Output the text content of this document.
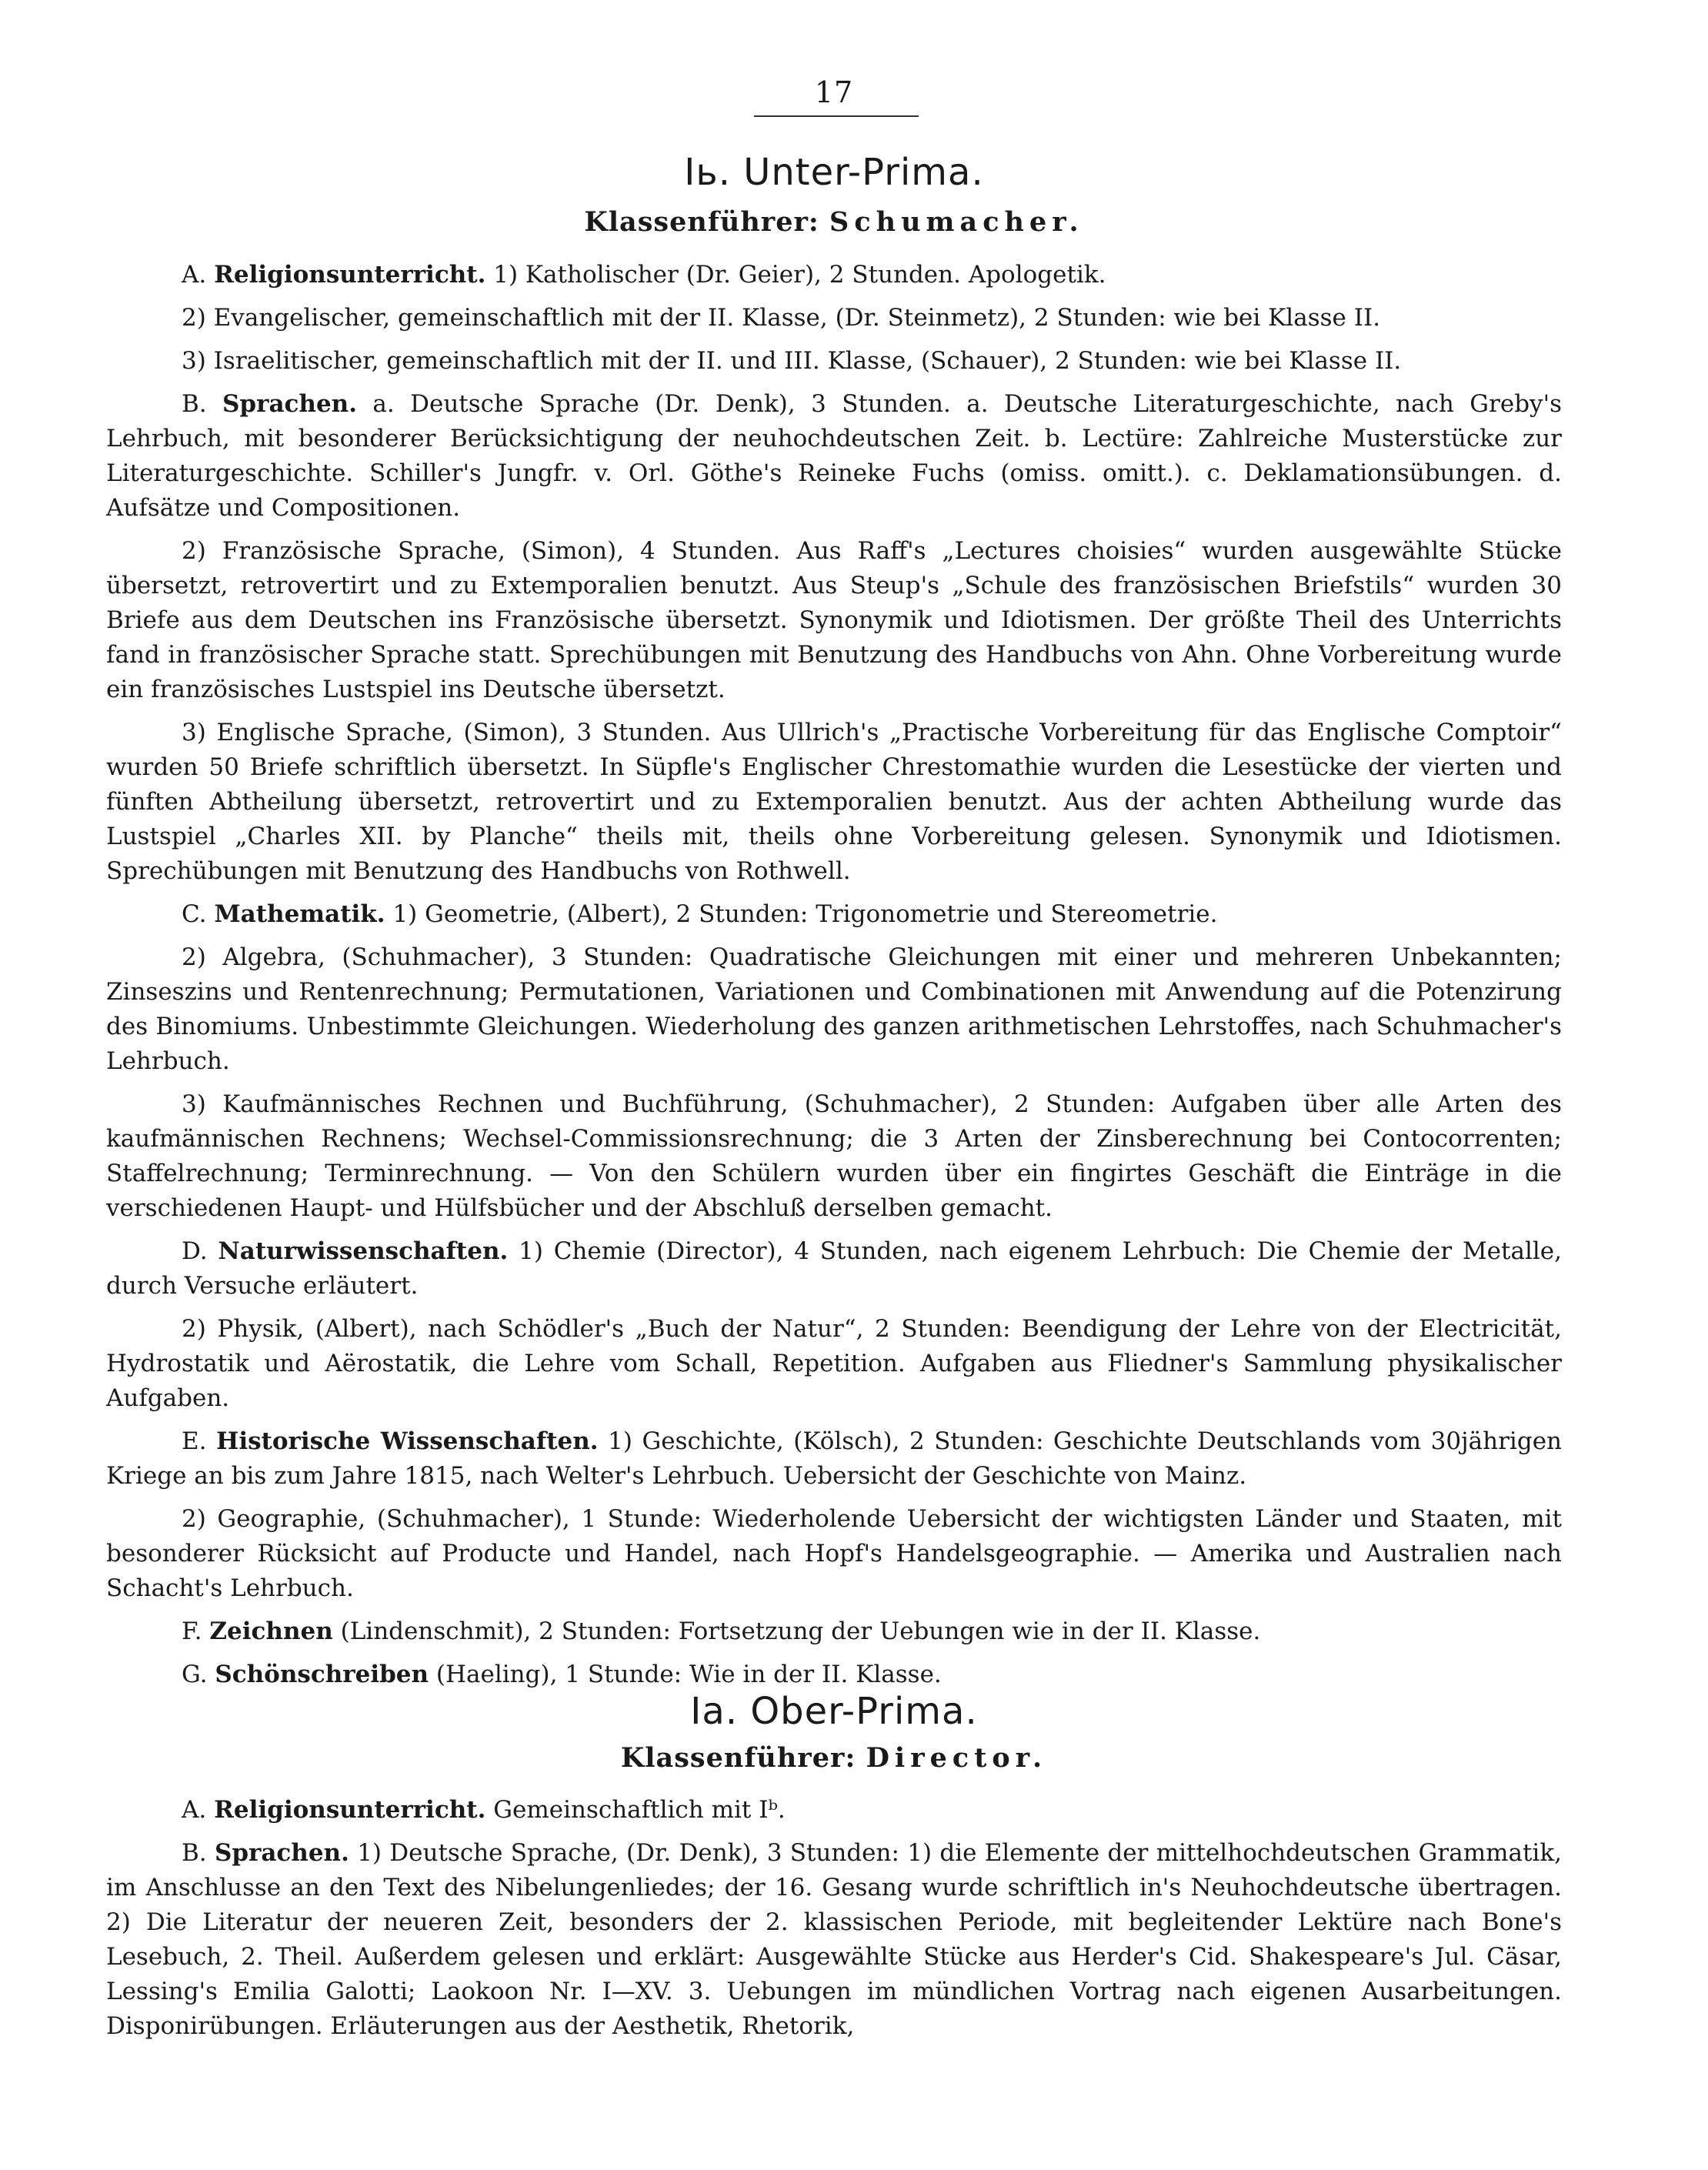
17
Iь. Unter-Prima.
Klassenführer: Schumacher.

A. Religionsunterricht. 1) Katholischer (Dr. Geier), 2 Stunden. Apologetik.

2) Evangelischer, gemeinschaftlich mit der II. Klasse, (Dr. Steinmetz), 2 Stunden: wie bei Klasse II.

3) Israelitischer, gemeinschaftlich mit der II. und III. Klasse, (Schauer), 2 Stunden: wie bei Klasse II.

B. Sprachen. a. Deutsche Sprache (Dr. Denk), 3 Stunden. a. Deutsche Literaturgeschichte, nach Greby's Lehrbuch, mit besonderer Berücksichtigung der neuhochdeutschen Zeit. b. Lectüre: Zahlreiche Musterstücke zur Literaturgeschichte. Schiller's Jungfr. v. Orl. Göthe's Reineke Fuchs (omiss. omitt.). c. Deklamationsübungen. d. Aufsätze und Compositionen.

2) Französische Sprache, (Simon), 4 Stunden. Aus Raff's „Lectures choisies“ wurden ausgewählte Stücke übersetzt, retrovertirt und zu Extemporalien benutzt. Aus Steup's „Schule des französischen Briefstils“ wurden 30 Briefe aus dem Deutschen ins Französische übersetzt. Synonymik und Idiotismen. Der größte Theil des Unterrichts fand in französischer Sprache statt. Sprechübungen mit Benutzung des Handbuchs von Ahn. Ohne Vorbereitung wurde ein französisches Lustspiel ins Deutsche übersetzt.

3) Englische Sprache, (Simon), 3 Stunden. Aus Ullrich's „Practische Vorbereitung für das Englische Comptoir“ wurden 50 Briefe schriftlich übersetzt. In Süpfle's Englischer Chrestomathie wurden die Lesestücke der vierten und fünften Abtheilung übersetzt, retrovertirt und zu Extemporalien benutzt. Aus der achten Abtheilung wurde das Lustspiel „Charles XII. by Planche“ theils mit, theils ohne Vorbereitung gelesen. Synonymik und Idiotismen. Sprechübungen mit Benutzung des Handbuchs von Rothwell.

C. Mathematik. 1) Geometrie, (Albert), 2 Stunden: Trigonometrie und Stereometrie.

2) Algebra, (Schuhmacher), 3 Stunden: Quadratische Gleichungen mit einer und mehreren Unbekannten; Zinseszins und Rentenrechnung; Permutationen, Variationen und Combinationen mit Anwendung auf die Potenzirung des Binomiums. Unbestimmte Gleichungen. Wiederholung des ganzen arithmetischen Lehrstoffes, nach Schuhmacher's Lehrbuch.

3) Kaufmännisches Rechnen und Buchführung, (Schuhmacher), 2 Stunden: Aufgaben über alle Arten des kaufmännischen Rechnens; Wechsel-Commissionsrechnung; die 3 Arten der Zinsberechnung bei Contocorrenten; Staffelrechnung; Terminrechnung. — Von den Schülern wurden über ein fingirtes Geschäft die Einträge in die verschiedenen Haupt- und Hülfsbücher und der Abschluß derselben gemacht.

D. Naturwissenschaften. 1) Chemie (Director), 4 Stunden, nach eigenem Lehrbuch: Die Chemie der Metalle, durch Versuche erläutert.

2) Physik, (Albert), nach Schödler's „Buch der Natur“, 2 Stunden: Beendigung der Lehre von der Electricität, Hydrostatik und Aërostatik, die Lehre vom Schall, Repetition. Aufgaben aus Fliedner's Sammlung physikalischer Aufgaben.

E. Historische Wissenschaften. 1) Geschichte, (Kölsch), 2 Stunden: Geschichte Deutschlands vom 30jährigen Kriege an bis zum Jahre 1815, nach Welter's Lehrbuch. Uebersicht der Geschichte von Mainz.

2) Geographie, (Schuhmacher), 1 Stunde: Wiederholende Uebersicht der wichtigsten Länder und Staaten, mit besonderer Rücksicht auf Producte und Handel, nach Hopf's Handelsgeographie. — Amerika und Australien nach Schacht's Lehrbuch.

F. Zeichnen (Lindenschmit), 2 Stunden: Fortsetzung der Uebungen wie in der II. Klasse.

G. Schönschreiben (Haeling), 1 Stunde: Wie in der II. Klasse.

Ia. Ober-Prima.
Klassenführer: Director.

A. Religionsunterricht. Gemeinschaftlich mit Iᵇ.

B. Sprachen. 1) Deutsche Sprache, (Dr. Denk), 3 Stunden: 1) die Elemente der mittelhochdeutschen Grammatik, im Anschlusse an den Text des Nibelungenliedes; der 16. Gesang wurde schriftlich in's Neuhochdeutsche übertragen. 2) Die Literatur der neueren Zeit, besonders der 2. klassischen Periode, mit begleitender Lektüre nach Bone's Lesebuch, 2. Theil. Außerdem gelesen und erklärt: Ausgewählte Stücke aus Herder's Cid. Shakespeare's Jul. Cäsar, Lessing's Emilia Galotti; Laokoon Nr. I—XV. 3. Uebungen im mündlichen Vortrag nach eigenen Ausarbeitungen. Disponirübungen. Erläuterungen aus der Aesthetik, Rhetorik,
